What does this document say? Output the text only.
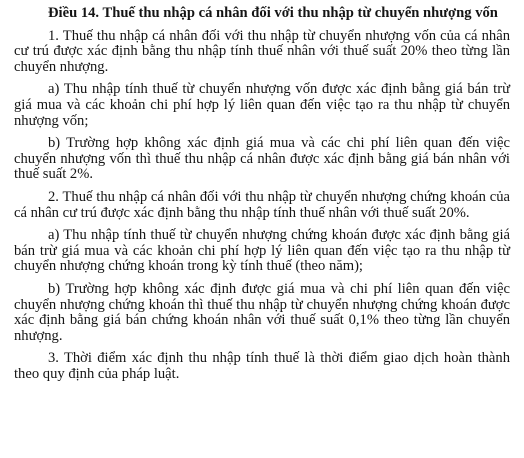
Điều 14. Thuế thu nhập cá nhân đối với thu nhập từ chuyển nhượng vốn
1. Thuế thu nhập cá nhân đối với thu nhập từ chuyển nhượng vốn của cá nhân cư trú được xác định bằng thu nhập tính thuế nhân với thuế suất 20% theo từng lần chuyển nhượng.
a) Thu nhập tính thuế từ chuyển nhượng vốn được xác định bằng giá bán trừ giá mua và các khoản chi phí hợp lý liên quan đến việc tạo ra thu nhập từ chuyển nhượng vốn;
b) Trường hợp không xác định giá mua và các chi phí liên quan đến việc chuyển nhượng vốn thì thuế thu nhập cá nhân được xác định bằng giá bán nhân với thuế suất 2%.
2. Thuế thu nhập cá nhân đối với thu nhập từ chuyển nhượng chứng khoán của cá nhân cư trú được xác định bằng thu nhập tính thuế nhân với thuế suất 20%.
a) Thu nhập tính thuế từ chuyển nhượng chứng khoán được xác định bằng giá bán trừ giá mua và các khoản chi phí hợp lý liên quan đến việc tạo ra thu nhập từ chuyển nhượng chứng khoán trong kỳ tính thuế (theo năm);
b) Trường hợp không xác định được giá mua và chi phí liên quan đến việc chuyển nhượng chứng khoán thì thuế thu nhập từ chuyển nhượng chứng khoán được xác định bằng giá bán chứng khoán nhân với thuế suất 0,1% theo từng lần chuyển nhượng.
3. Thời điểm xác định thu nhập tính thuế là thời điểm giao dịch hoàn thành theo quy định của pháp luật.
